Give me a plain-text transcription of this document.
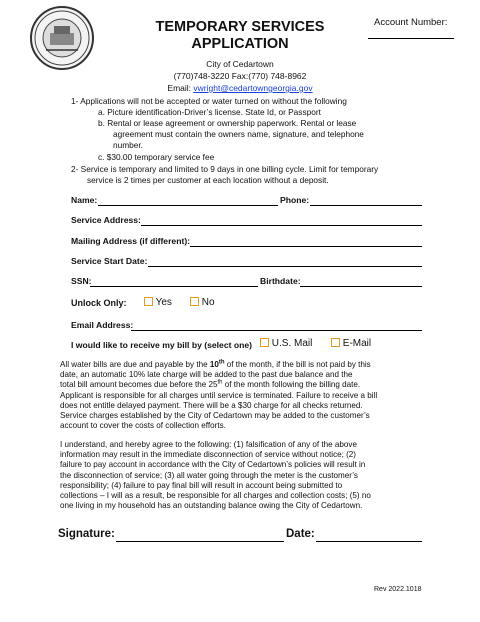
TEMPORARY SERVICES
APPLICATION
Account Number:
City of Cedartown
(770)748-3220 Fax:(770) 748-8962
Email: vwright@cedartowngeorgia.gov
1- Applications will not be accepted or water turned on without the following
a. Picture identification-Driver’s license. State Id, or Passport
b. Rental or lease agreement or ownership paperwork. Rental or lease
agreement must contain the owners name, signature, and telephone
number.
c. $30.00 temporary service fee
2- Service is temporary and limited to 9 days in one billing cycle. Limit for temporary
service is 2 times per customer at each location without a deposit.
Name:	Phone:
Service Address:
Mailing Address (if different):
Service Start Date:
SSN:	Birthdate:
Unlock Only:	Yes	No
Email Address:
I would like to receive my bill by (select one)	U.S. Mail	E-Mail
All water bills are due and payable by the 10th of the month, if the bill is not paid by this
date, an automatic 10% late charge will be added to the past due balance and the
total bill amount becomes due before the 25th of the month following the billing date.
Applicant is responsible for all charges until service is terminated. Failure to receive a bill
does not entitle delayed payment. There will be a $30 charge for all checks returned.
Service charges established by the City of Cedartown may be added to the customer’s
account to cover the costs of collection efforts.
I understand, and hereby agree to the following: (1) falsification of any of the above
information may result in the immediate disconnection of service without notice; (2)
failure to pay account in accordance with the City of Cedartown’s policies will result in
the disconnection of service; (3) all water going through the meter is the customer’s
responsibility; (4) failure to pay final bill will result in account being submitted to
collections – I will as a result, be responsible for all charges and collection costs; (5) no
one living in my household has an outstanding balance owing the City of Cedartown.
Signature:	Date:
Rev 2022.1018
